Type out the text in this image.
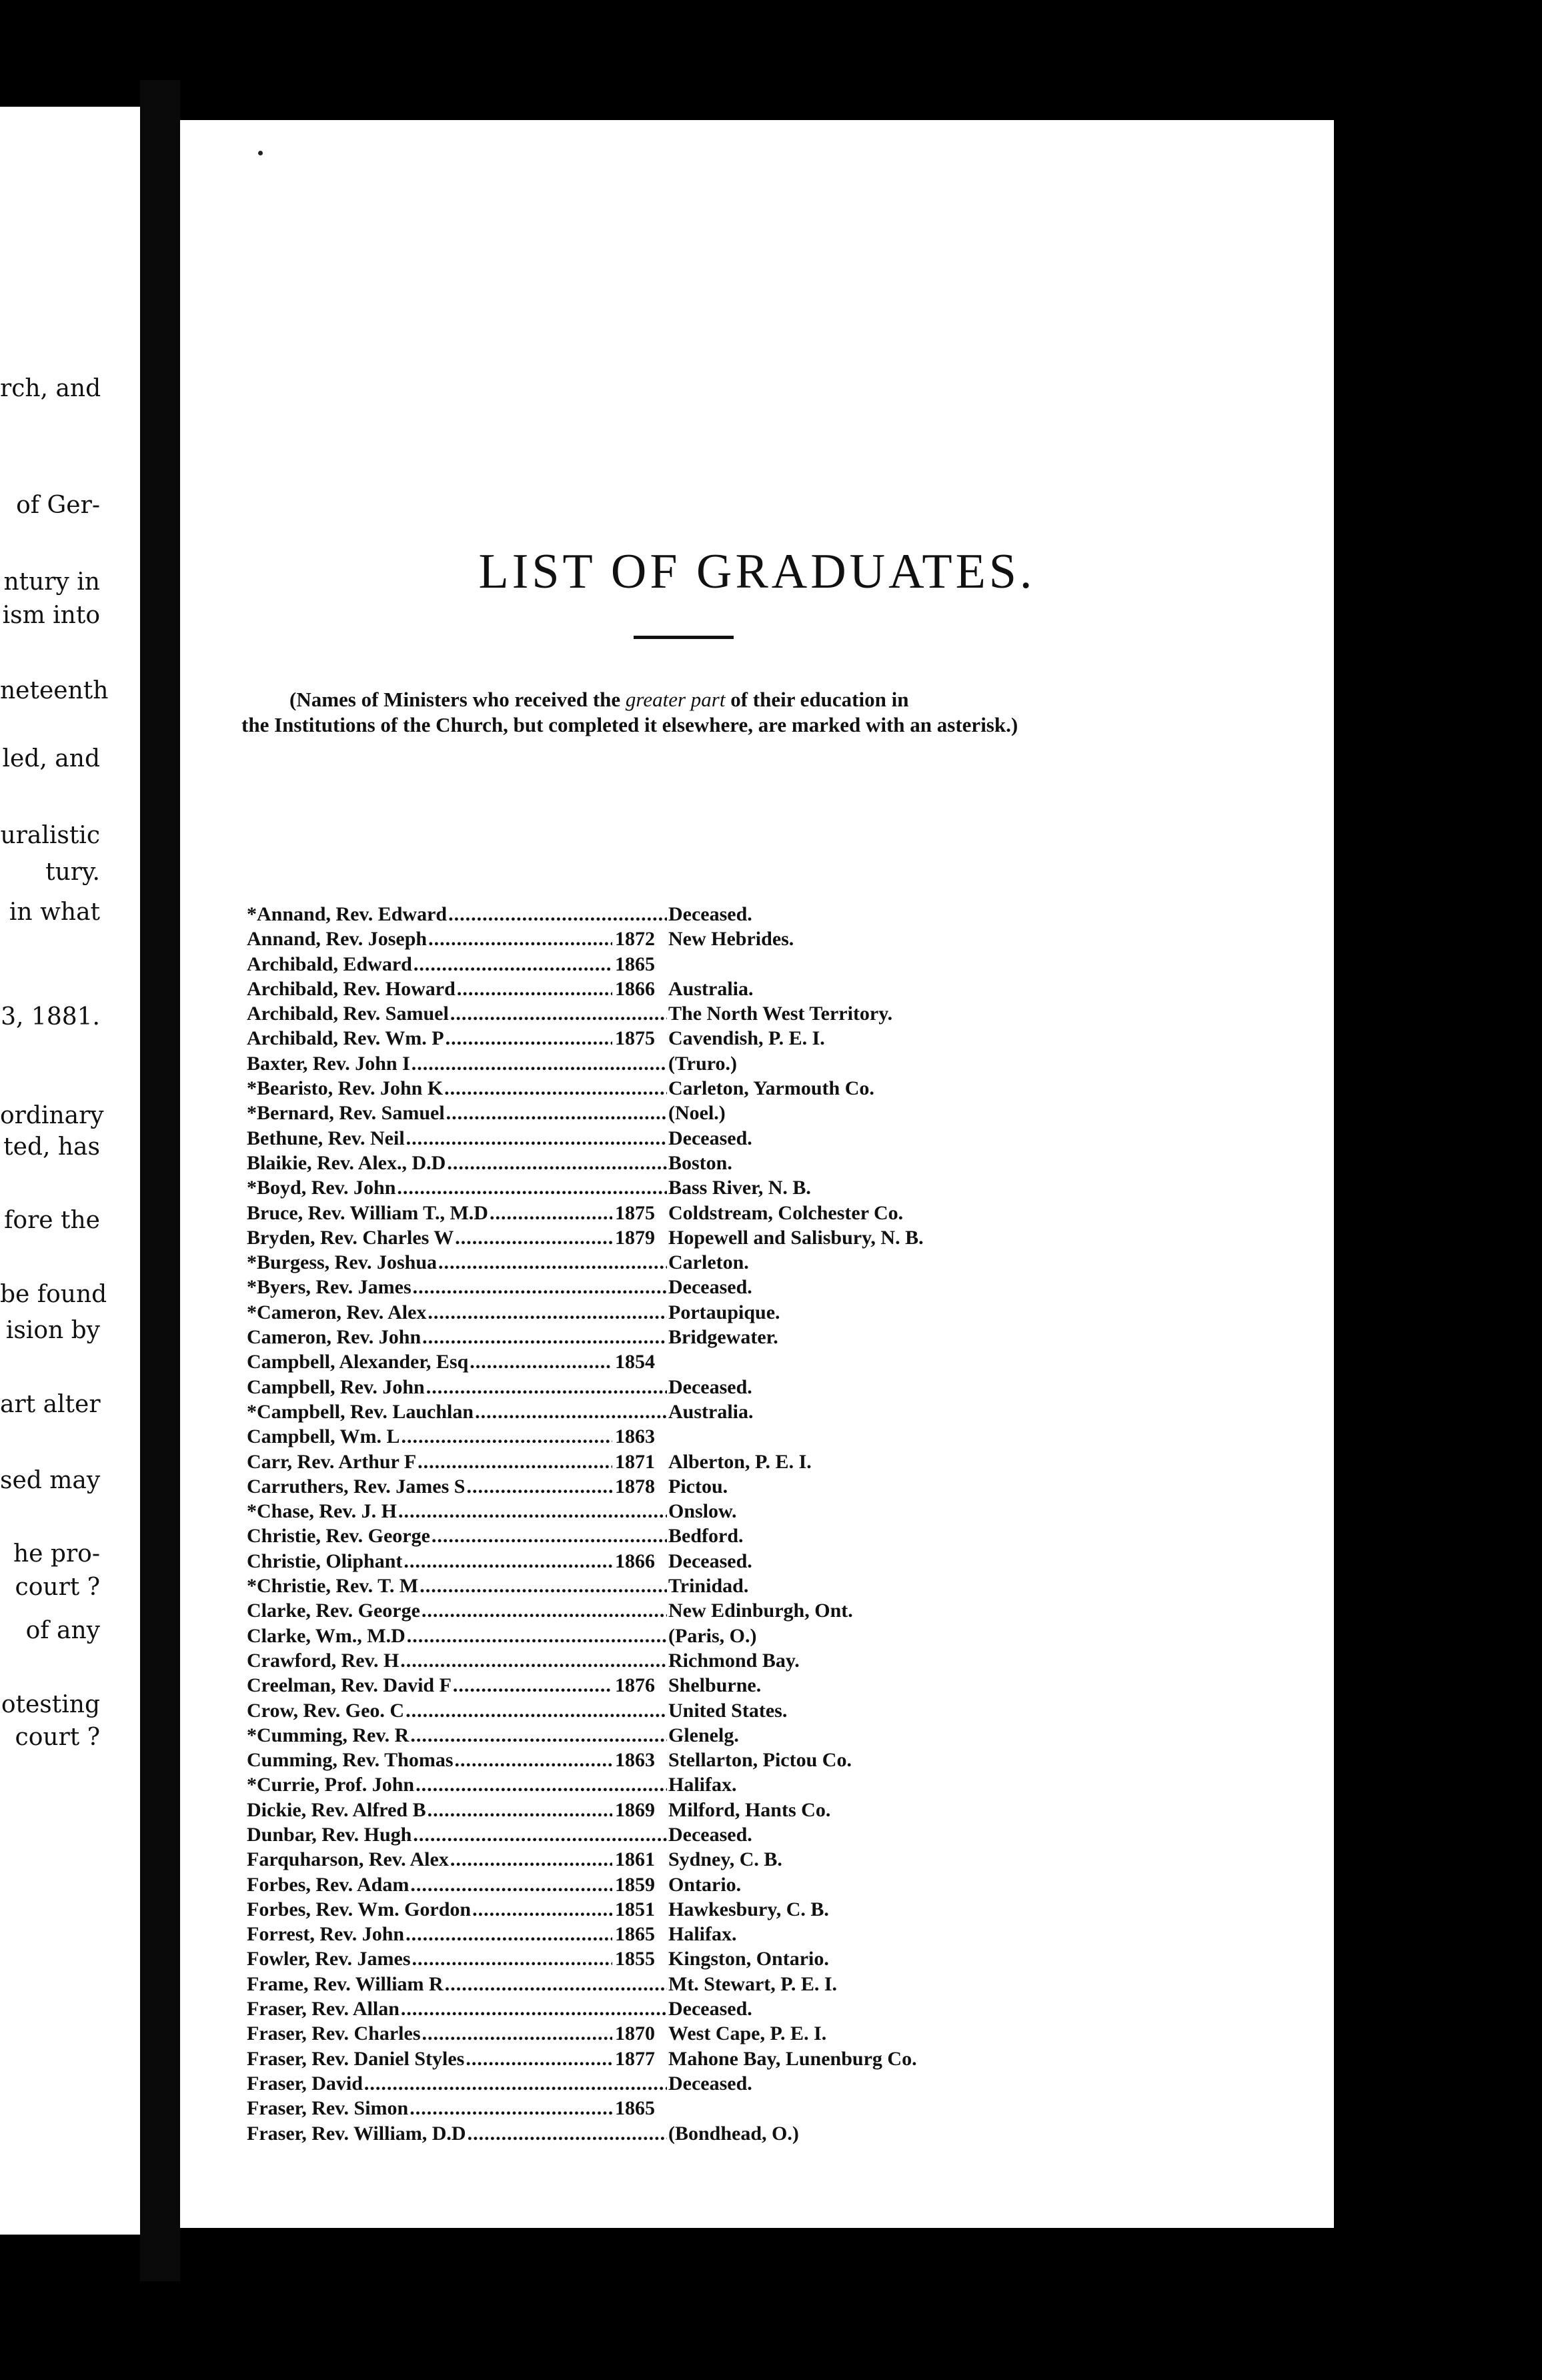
LIST OF GRADUATES.
(Names of Ministers who received the greater part of their education in
the Institutions of the Church, but completed it elsewhere, are marked with an asterisk.)
*Annand, Rev. Edward .....	Deceased.
Annand, Rev. Joseph .....	1872 New Hebrides.
Archibald, Edward .....	1865
Archibald, Rev. Howard .....	1866 Australia.
Archibald, Rev. Samuel .....	The North West Territory.
Archibald, Rev. Wm. P .....	1875 Cavendish, P. E. I.
Baxter, Rev. John I .....	(Truro.)
*Bearisto, Rev. John K .....	Carleton, Yarmouth Co.
*Bernard, Rev. Samuel .....	(Noel.)
Bethune, Rev. Neil .....	Deceased.
Blaikie, Rev. Alex., D.D .....	Boston.
*Boyd, Rev. John .....	Bass River, N. B.
Bruce, Rev. William T., M.D .....	1875 Coldstream, Colchester Co.
Bryden, Rev. Charles W .....	1879 Hopewell and Salisbury, N. B.
*Burgess, Rev. Joshua .....	Carleton.
*Byers, Rev. James .....	Deceased.
*Cameron, Rev. Alex .....	Portaupique.
Cameron, Rev. John .....	Bridgewater.
Campbell, Alexander, Esq .....	1854
Campbell, Rev. John .....	Deceased.
*Campbell, Rev. Lauchlan .....	Australia.
Campbell, Wm. L .....	1863
Carr, Rev. Arthur F .....	1871 Alberton, P. E. I.
Carruthers, Rev. James S .....	1878 Pictou.
*Chase, Rev. J. H .....	Onslow.
Christie, Rev. George .....	Bedford.
Christie, Oliphant .....	1866 Deceased.
*Christie, Rev. T. M .....	Trinidad.
Clarke, Rev. George .....	New Edinburgh, Ont.
Clarke, Wm., M.D .....	(Paris, O.)
Crawford, Rev. H .....	Richmond Bay.
Creelman, Rev. David F .....	1876 Shelburne.
Crow, Rev. Geo. C .....	United States.
*Cumming, Rev. R .....	Glenelg.
Cumming, Rev. Thomas .....	1863 Stellarton, Pictou Co.
*Currie, Prof. John .....	Halifax.
Dickie, Rev. Alfred B .....	1869 Milford, Hants Co.
Dunbar, Rev. Hugh .....	Deceased.
Farquharson, Rev. Alex .....	1861 Sydney, C. B.
Forbes, Rev. Adam .....	1859 Ontario.
Forbes, Rev. Wm. Gordon .....	1851 Hawkesbury, C. B.
Forrest, Rev. John .....	1865 Halifax.
Fowler, Rev. James .....	1855 Kingston, Ontario.
Frame, Rev. William R .....	Mt. Stewart, P. E. I.
Fraser, Rev. Allan .....	Deceased.
Fraser, Rev. Charles .....	1870 West Cape, P. E. I.
Fraser, Rev. Daniel Styles .....	1877 Mahone Bay, Lunenburg Co.
Fraser, David .....	Deceased.
Fraser, Rev. Simon .....	1865
Fraser, Rev. William, D.D .....	(Bondhead, O.)
rch, and
of Ger-
ntury in
ism into
neteenth
led, and
uralistic
tury.
in what
3, 1881.
ordinary
ted, has
fore the
be found
ision by
art alter
sed may
he pro-
court ?
of any
otesting
court ?
